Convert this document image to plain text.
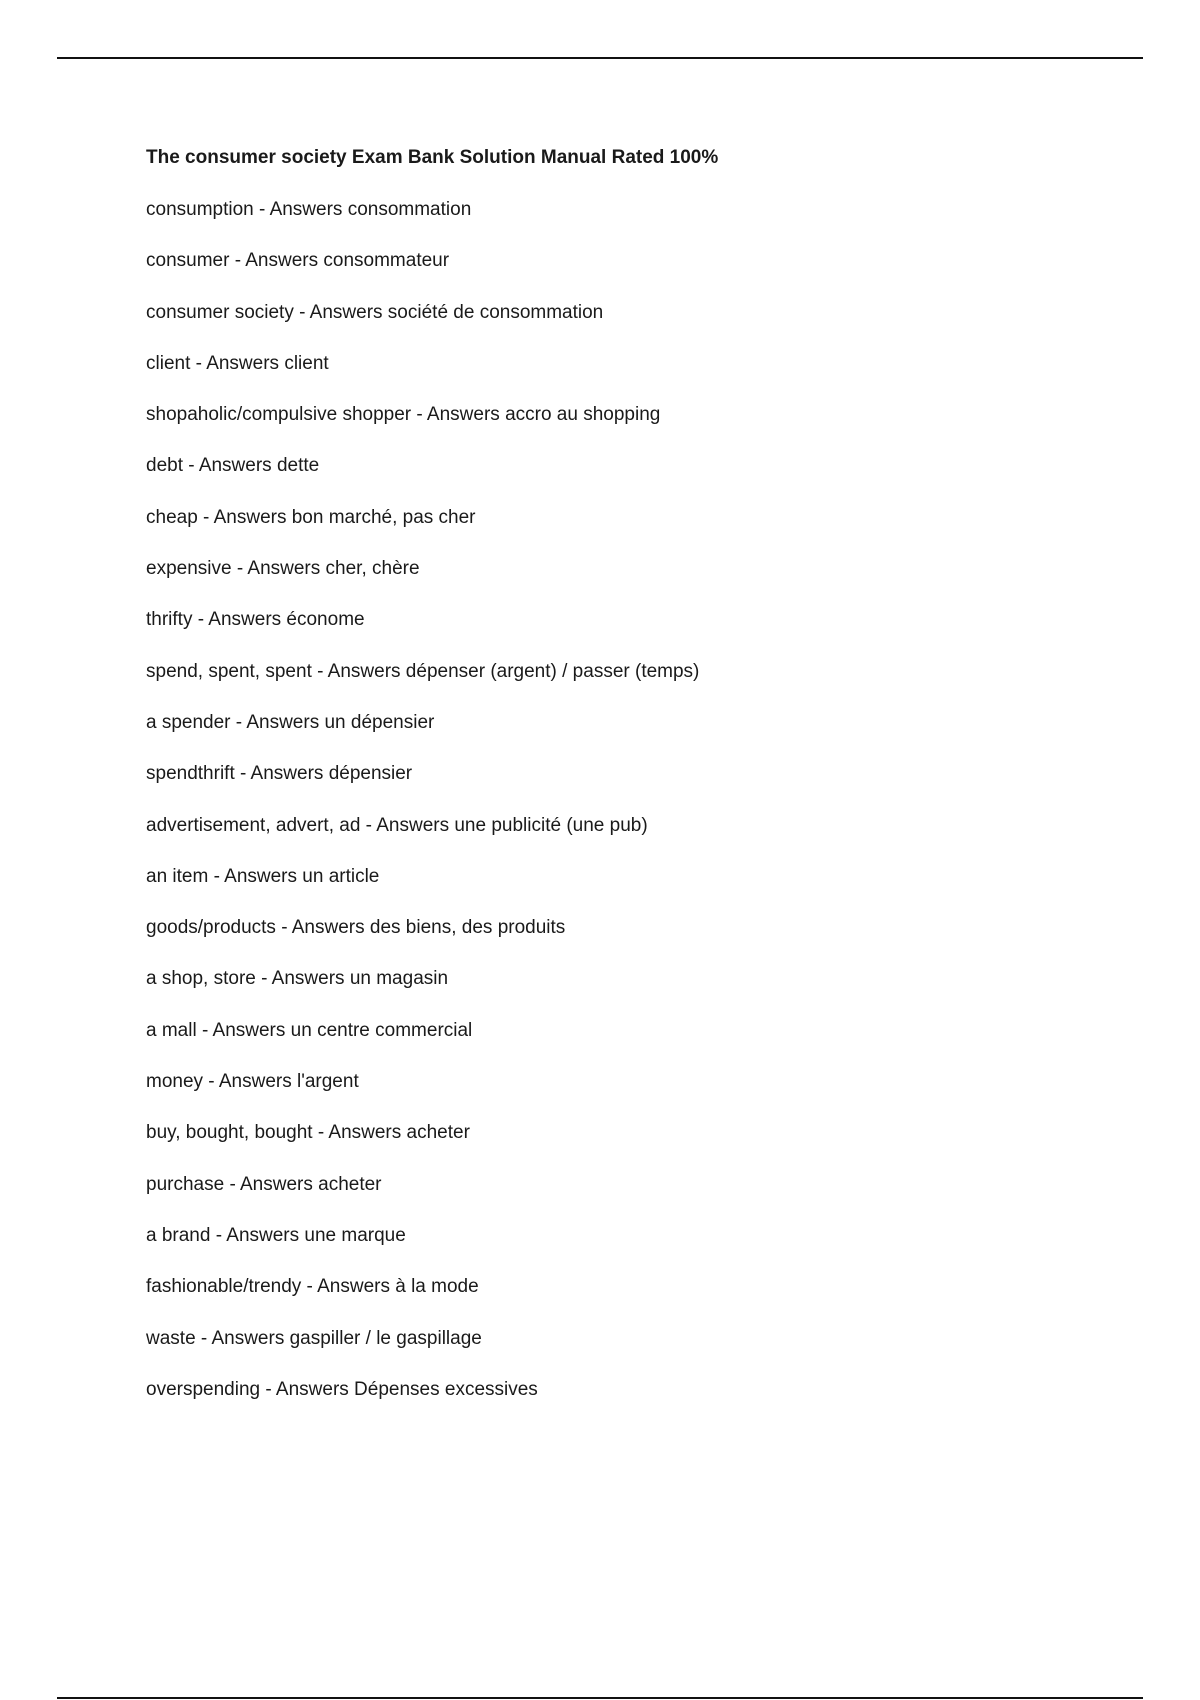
The consumer society Exam Bank Solution Manual Rated 100%
consumption - Answers consommation
consumer - Answers consommateur
consumer society - Answers société de consommation
client - Answers client
shopaholic/compulsive shopper - Answers accro au shopping
debt - Answers dette
cheap - Answers bon marché, pas cher
expensive - Answers cher, chère
thrifty - Answers économe
spend, spent, spent - Answers dépenser (argent) / passer (temps)
a spender - Answers un dépensier
spendthrift - Answers dépensier
advertisement, advert, ad - Answers une publicité (une pub)
an item - Answers un article
goods/products - Answers des biens, des produits
a shop, store - Answers un magasin
a mall - Answers un centre commercial
money - Answers l'argent
buy, bought, bought - Answers acheter
purchase - Answers acheter
a brand - Answers une marque
fashionable/trendy - Answers à la mode
waste - Answers gaspiller / le gaspillage
overspending - Answers Dépenses excessives
